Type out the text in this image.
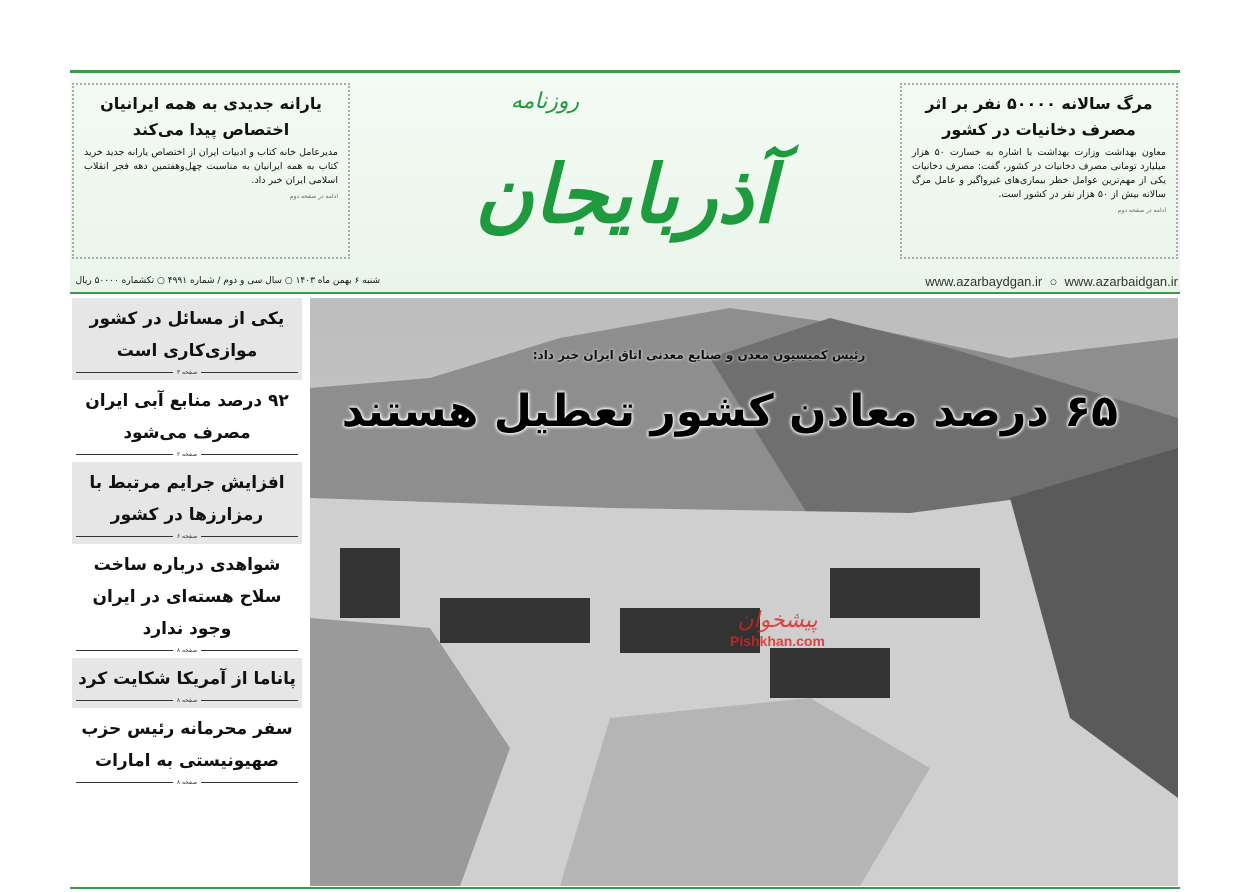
یارانه جدیدی به همه ایرانیان اختصاص پیدا می‌کند

مدیرعامل خانه کتاب و ادبیات ایران از اختصاص یارانه جدید خرید کتاب به همه ایرانیان به مناسبت چهل‌وهفتمین دهه فجر انقلاب اسلامی ایران خبر داد.

ادامه در صفحه دوم
روزنامه
آذربایجان
مرگ سالانه ۵۰۰۰۰ نفر بر اثر مصرف دخانیات در کشور

معاون بهداشت وزارت بهداشت با اشاره به خسارت ۵۰ هزار میلیارد تومانی مصرف دخانیات در کشور، گفت: مصرف دخانیات یکی از مهم‌ترین عوامل خطر بیماری‌های غیرواگیر و عامل مرگ سالانه بیش از ۵۰ هزار نفر در کشور است.

ادامه در صفحه دوم
شنبه ۶ بهمن ماه ۱۴۰۳ ○ سال سی و دوم / شماره ۴۹۹۱ ○ تکشماره ۵۰۰۰۰ ریال	www.azarbaydgan.ir  ○  www.azarbaidgan.ir
یکی از مسائل در کشور موازی‌کاری است
صفحه ۳
۹۲ درصد منابع آبی ایران مصرف می‌شود
صفحه ۲
افزایش جرایم مرتبط با رمزارزها در کشور
صفحه ۶
شواهدی درباره ساخت سلاح هسته‌ای در ایران وجود ندارد
صفحه ۸
پاناما از آمریکا شکایت کرد
صفحه ۸
سفر محرمانه رئیس حزب صهیونیستی به امارات
صفحه ۸
رئیس کمیسیون معدن و صنایع معدنی اتاق ایران خبر داد:
۶۵ درصد معادن کشور تعطیل هستند
پیشخوان
Pishkhan.com
